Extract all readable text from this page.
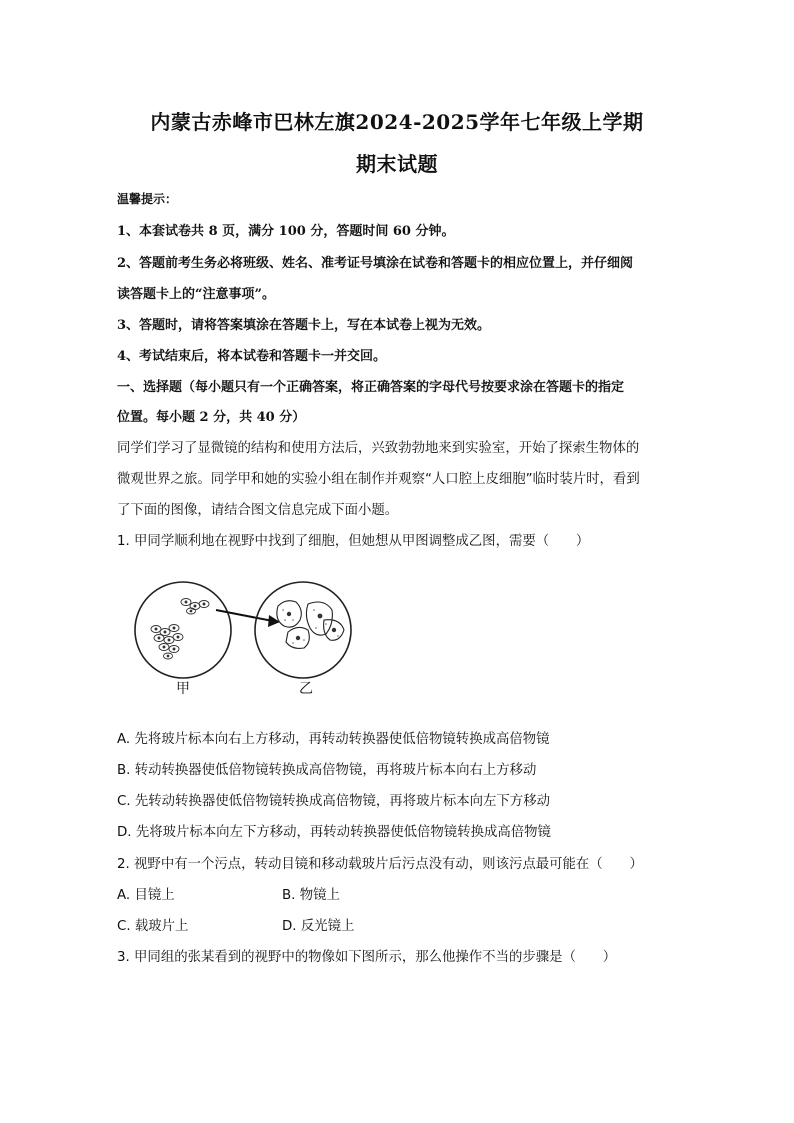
内蒙古赤峰市巴林左旗2024-2025学年七年级上学期
期末试题
温馨提示：
1、本套试卷共 8 页，满分 100 分，答题时间 60 分钟。
2、答题前考生务必将班级、姓名、准考证号填涂在试卷和答题卡的相应位置上，并仔细阅
读答题卡上的“注意事项”。
3、答题时，请将答案填涂在答题卡上，写在本试卷上视为无效。
4、考试结束后，将本试卷和答题卡一并交回。
一、选择题（每小题只有一个正确答案，将正确答案的字母代号按要求涂在答题卡的指定
位置。每小题 2 分，共 40 分）
同学们学习了显微镜的结构和使用方法后，兴致勃勃地来到实验室，开始了探索生物体的
微观世界之旅。同学甲和她的实验小组在制作并观察“人口腔上皮细胞”临时装片时，看到
了下面的图像，请结合图文信息完成下面小题。
1. 甲同学顺利地在视野中找到了细胞，但她想从甲图调整成乙图，需要（　　）
甲	乙
A. 先将玻片标本向右上方移动，再转动转换器使低倍物镜转换成高倍物镜
B. 转动转换器使低倍物镜转换成高倍物镜，再将玻片标本向右上方移动
C. 先转动转换器使低倍物镜转换成高倍物镜，再将玻片标本向左下方移动
D. 先将玻片标本向左下方移动，再转动转换器使低倍物镜转换成高倍物镜
2. 视野中有一个污点，转动目镜和移动载玻片后污点没有动，则该污点最可能在（　　）
A. 目镜上	B. 物镜上
C. 载玻片上	D. 反光镜上
3. 甲同组的张某看到的视野中的物像如下图所示，那么他操作不当的步骤是（　　）
